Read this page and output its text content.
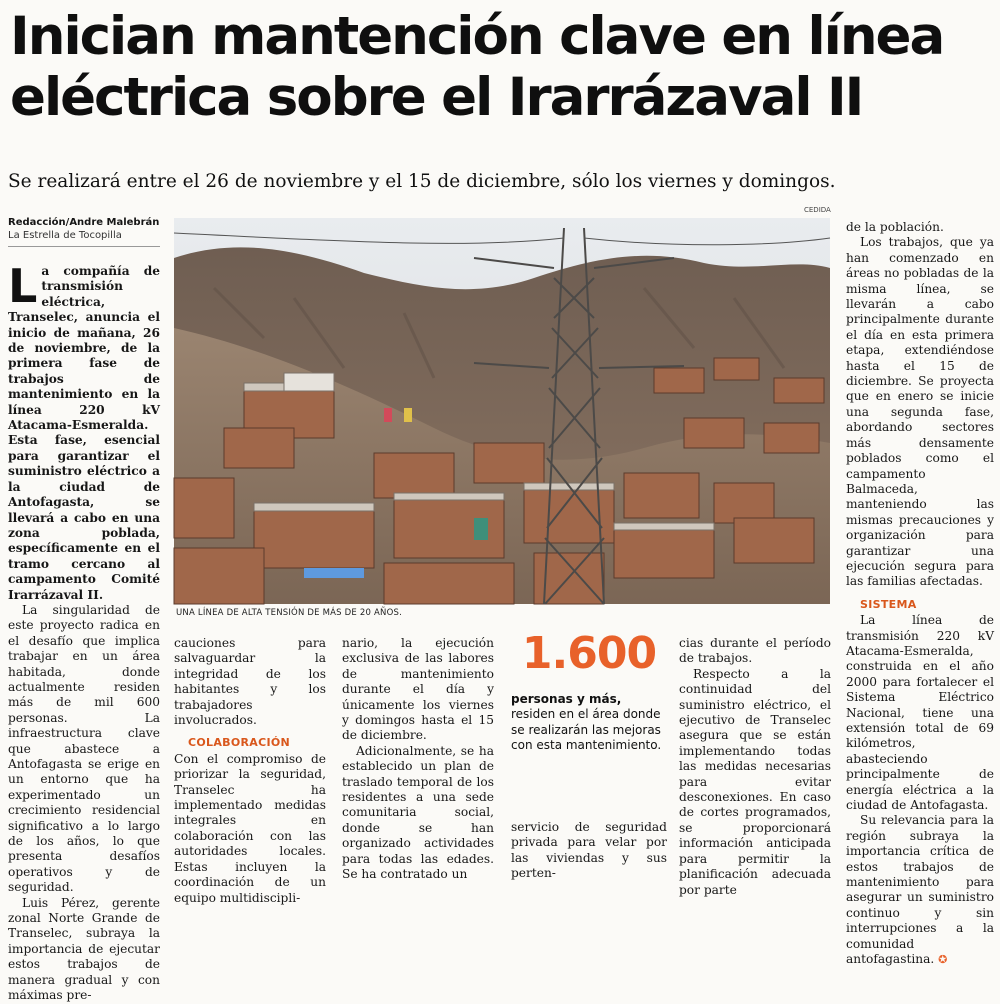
Inician mantención clave en línea eléctrica sobre el Irarrázaval II
Se realizará entre el 26 de noviembre y el 15 de diciembre, sólo los viernes y domingos.
Redacción/Andre Malebrán
La Estrella de Tocopilla

La compañía de transmisión eléctrica, Transelec, anuncia el inicio de mañana, 26 de noviembre, de la primera fase de trabajos de mantenimiento en la línea 220 kV Atacama-Esmeralda. Esta fase, esencial para garantizar el suministro eléctrico a la ciudad de Antofagasta, se llevará a cabo en una zona poblada, específicamente en el tramo cercano al campamento Comité Irarrázaval II.

La singularidad de este proyecto radica en el desafío que implica trabajar en un área habitada, donde actualmente residen más de mil 600 personas. La infraestructura clave que abastece a Antofagasta se erige en un entorno que ha experimentado un crecimiento residencial significativo a lo largo de los años, lo que presenta desafíos operativos y de seguridad.

Luis Pérez, gerente zonal Norte Grande de Transelec, subraya la importancia de ejecutar estos trabajos de manera gradual y con máximas pre-

CEDIDA
UNA LÍNEA DE ALTA TENSIÓN DE MÁS DE 20 AÑOS.

cauciones para salvaguardar la integridad de los habitantes y los trabajadores involucrados.

COLABORACIÓN

Con el compromiso de priorizar la seguridad, Transelec ha implementado medidas integrales en colaboración con las autoridades locales. Estas incluyen la coordinación de un equipo multidiscipli-

nario, la ejecución exclusiva de las labores de mantenimiento durante el día y únicamente los viernes y domingos hasta el 15 de diciembre.

Adicionalmente, se ha establecido un plan de traslado temporal de los residentes a una sede comunitaria social, donde se han organizado actividades para todas las edades. Se ha contratado un

1.600
personas y más, residen en el área donde se realizarán las mejoras con esta mantenimiento.

servicio de seguridad privada para velar por las viviendas y sus perten-

cias durante el período de trabajos.

Respecto a la continuidad del suministro eléctrico, el ejecutivo de Transelec asegura que se están implementando todas las medidas necesarias para evitar desconexiones. En caso de cortes programados, se proporcionará información anticipada para permitir la planificación adecuada por parte

de la población.

Los trabajos, que ya han comenzado en áreas no pobladas de la misma línea, se llevarán a cabo principalmente durante el día en esta primera etapa, extendiéndose hasta el 15 de diciembre. Se proyecta que en enero se inicie una segunda fase, abordando sectores más densamente poblados como el campamento Balmaceda, manteniendo las mismas precauciones y organización para garantizar una ejecución segura para las familias afectadas.

SISTEMA

La línea de transmisión 220 kV Atacama-Esmeralda, construida en el año 2000 para fortalecer el Sistema Eléctrico Nacional, tiene una extensión total de 69 kilómetros, abasteciendo principalmente de energía eléctrica a la ciudad de Antofagasta.

Su relevancia para la región subraya la importancia crítica de estos trabajos de mantenimiento para asegurar un suministro continuo y sin interrupciones a la comunidad antofagastina. ✪
